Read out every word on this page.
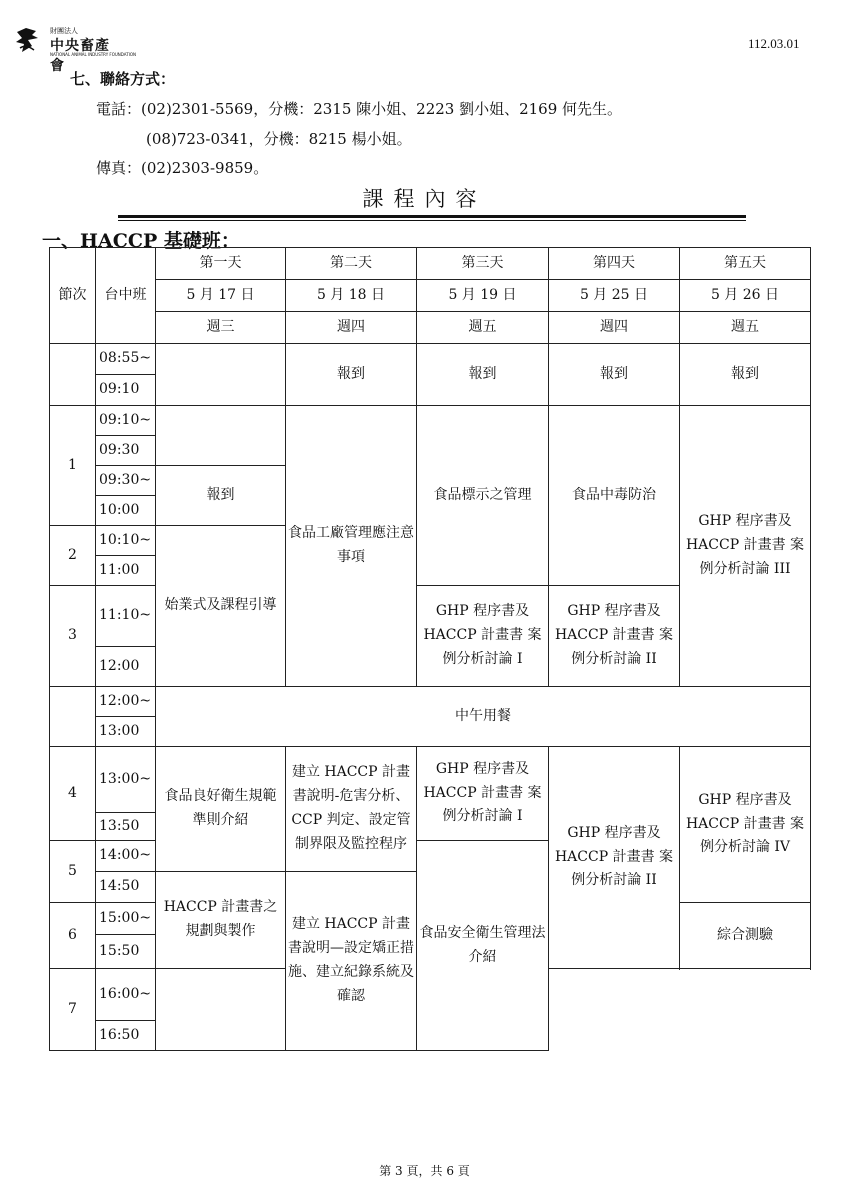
財團法人
中央畜產會
NATIONAL ANIMAL INDUSTRY FOUNDATION
112.03.01
七、聯絡方式：
電話：(02)2301-5569，分機：2315 陳小姐、2223 劉小姐、2169 何先生。
(08)723-0341，分機：8215 楊小姐。
傳真：(02)2303-9859。
課程內容
一、HACCP 基礎班：
節次	台中班	第一天	第二天	第三天	第四天	第五天
		5 月 17 日	5 月 18 日	5 月 19 日	5 月 25 日	5 月 26 日
		週三	週四	週五	週四	週五
	08:55~		報到	報到	報到	報到
	09:10					
1	09:10~		食品工廠管理應注意事項	食品標示之管理	食品中毒防治	GHP 程序書及 HACCP 計畫書 案例分析討論 III
	09:30					
	09:30~	報到				
	10:00					
2	10:10~	始業式及課程引導				
	11:00					
3	11:10~			GHP 程序書及 HACCP 計畫書 案例分析討論 I	GHP 程序書及 HACCP 計畫書 案例分析討論 II	

	12:00					

	12:00~	中午用餐				
	13:00					
4	13:00~	食品良好衛生規範準則介紹	建立 HACCP 計畫書說明-危害分析、CCP 判定、設定管制界限及監控程序	GHP 程序書及 HACCP 計畫書 案例分析討論 I	GHP 程序書及 HACCP 計畫書 案例分析討論 II	GHP 程序書及 HACCP 計畫書 案例分析討論 IV

	13:50					

5	14:00~			食品安全衛生管理法介紹		

	14:50	HACCP 計畫書之規劃與製作	建立 HACCP 計畫書說明—設定矯正措施、建立紀錄系統及確認			

6	15:00~					綜合測驗

	15:50					

7	16:00~					
	16:50					
第 3 頁，共 6 頁
